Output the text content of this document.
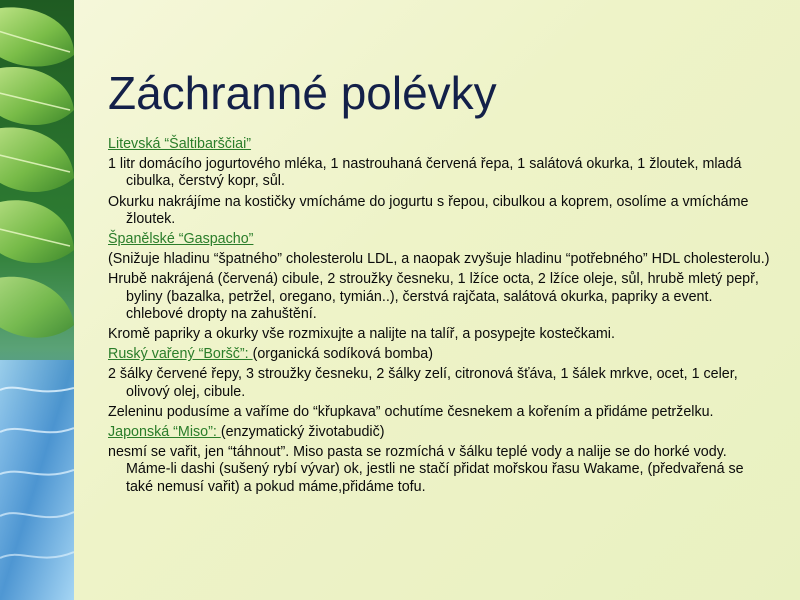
Záchranné polévky
Litevská “Šaltibarščiai”
1 litr domácího jogurtového mléka, 1 nastrouhaná červená řepa, 1 salátová okurka, 1 žloutek, mladá cibulka, čerstvý kopr, sůl.
Okurku nakrájíme na kostičky vmícháme do jogurtu s řepou, cibulkou a koprem, osolíme a vmícháme žloutek.
Španělské “Gaspacho”
(Snižuje hladinu “špatného” cholesterolu LDL, a naopak zvyšuje hladinu “potřebného” HDL cholesterolu.)
Hrubě nakrájená (červená) cibule, 2 stroužky česneku, 1 lžíce octa, 2 lžíce oleje, sůl, hrubě mletý pepř, byliny (bazalka, petržel, oregano, tymián..), čerstvá rajčata, salátová okurka, papriky a event. chlebové dropty na zahuštění.
Kromě papriky a okurky vše rozmixujte a nalijte na talíř, a posypejte kostečkami.
Ruský vařený “Boršč”: (organická sodíková bomba)
2 šálky červené řepy, 3 stroužky česneku, 2 šálky zelí, citronová šťáva, 1 šálek mrkve, ocet, 1 celer, olivový olej, cibule.
Zeleninu podusíme a vaříme do “křupkava” ochutíme česnekem a kořením a přidáme petrželku.
Japonská “Miso”: (enzymatický životabudič)
nesmí se vařit, jen “táhnout”. Miso pasta se rozmíchá v šálku teplé vody a nalije se do horké vody. Máme-li dashi (sušený rybí vývar) ok, jestli ne stačí přidat mořskou řasu Wakame, (předvařená se také nemusí vařit) a pokud máme,přidáme tofu.
